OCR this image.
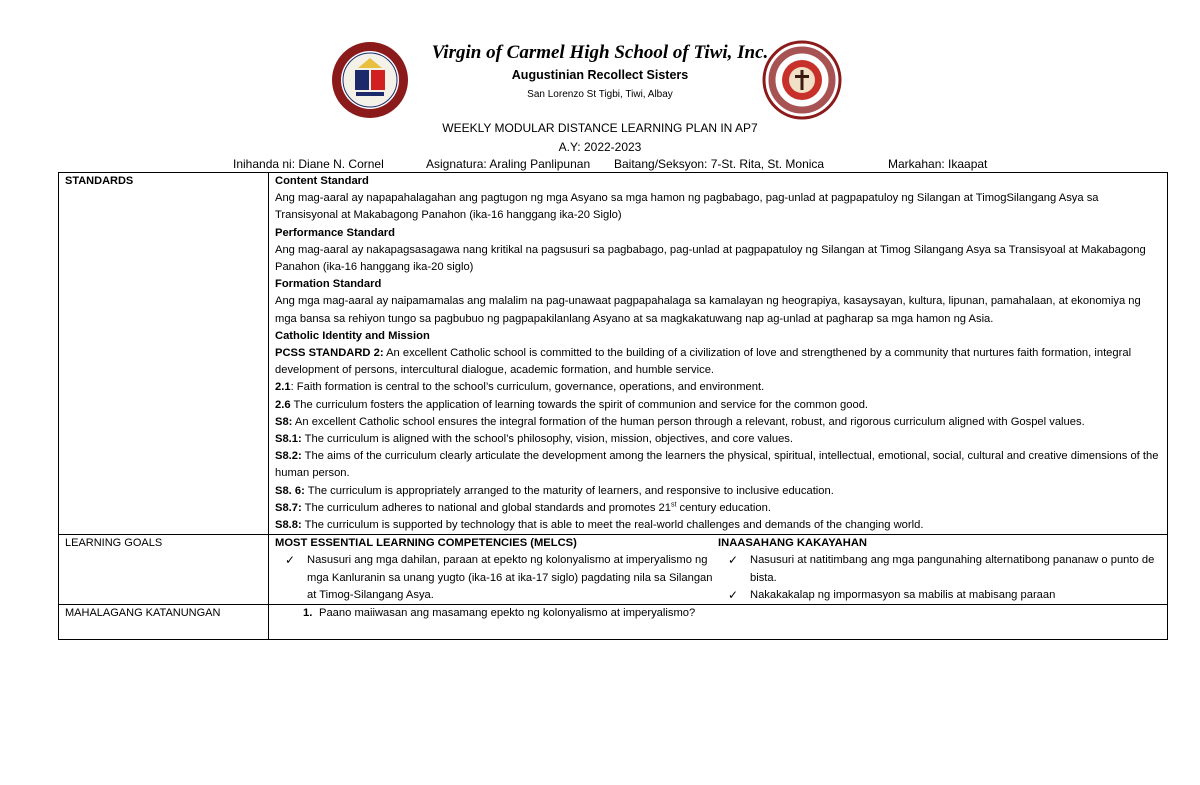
Virgin of Carmel High School of Tiwi, Inc.
Augustinian Recollect Sisters
San Lorenzo St Tigbi, Tiwi, Albay
WEEKLY MODULAR DISTANCE LEARNING PLAN IN AP7
A.Y: 2022-2023
Inihanda ni: Diane N. Cornel	Asignatura: Araling Panlipunan Baitang/Seksyon: 7-St. Rita, St. Monica	Markahan: Ikaapat
STANDARDS	Content Standard
Ang mag-aaral ay napapahalagahan ang pagtugon ng mga Asyano sa mga hamon ng pagbabago, pag-unlad at pagpapatuloy ng Silangan at TimogSilangang Asya sa Transisyonal at Makabagong Panahon (ika-16 hanggang ika-20 Siglo)
Performance Standard
Ang mag-aaral ay nakapagsasagawa nang kritikal na pagsusuri sa pagbabago, pag-unlad at pagpapatuloy ng Silangan at Timog Silangang Asya sa Transisyoal at Makabagong Panahon (ika-16 hanggang ika-20 siglo)
Formation Standard
Ang mga mag-aaral ay naipamamalas ang malalim na pag-unawaat pagpapahalaga sa kamalayan ng heograpiya, kasaysayan, kultura, lipunan, pamahalaan, at ekonomiya ng mga bansa sa rehiyon tungo sa pagbubuo ng pagpapakilanlang Asyano at sa magkakatuwang nap ag-unlad at pagharap sa mga hamon ng Asia.
Catholic Identity and Mission
PCSS STANDARD 2: An excellent Catholic school is committed to the building of a civilization of love and strengthened by a community that nurtures faith formation, integral development of persons, intercultural dialogue, academic formation, and humble service.
2.1: Faith formation is central to the school’s curriculum, governance, operations, and environment.
2.6 The curriculum fosters the application of learning towards the spirit of communion and service for the common good.
S8: An excellent Catholic school ensures the integral formation of the human person through a relevant, robust, and rigorous curriculum aligned with Gospel values.
S8.1: The curriculum is aligned with the school’s philosophy, vision, mission, objectives, and core values.
S8.2: The aims of the curriculum clearly articulate the development among the learners the physical, spiritual, intellectual, emotional, social, cultural and creative dimensions of the human person.
S8. 6: The curriculum is appropriately arranged to the maturity of learners, and responsive to inclusive education.
S8.7: The curriculum adheres to national and global standards and promotes 21st century education.
S8.8: The curriculum is supported by technology that is able to meet the real-world challenges and demands of the changing world.

LEARNING GOALS		MOST ESSENTIAL LEARNING COMPETENCIES (MELCS)
✓	Nasusuri ang mga dahilan, paraan at epekto ng kolonyalismo at imperyalismo ng mga Kanluranin sa unang yugto (ika-16 at ika-17 siglo) pagdating nila sa Silangan at Timog-Silangang Asya.

INAASAHANG KAKAYAHAN
✓	Nasusuri at natitimbang ang mga pangunahing alternatibong pananaw o punto de bista.
✓	Nakakakalap ng impormasyon sa mabilis at mabisang paraan

MAHALAGANG KATANUNGAN	1. Paano maiiwasan ang masamang epekto ng kolonyalismo at imperyalismo?
